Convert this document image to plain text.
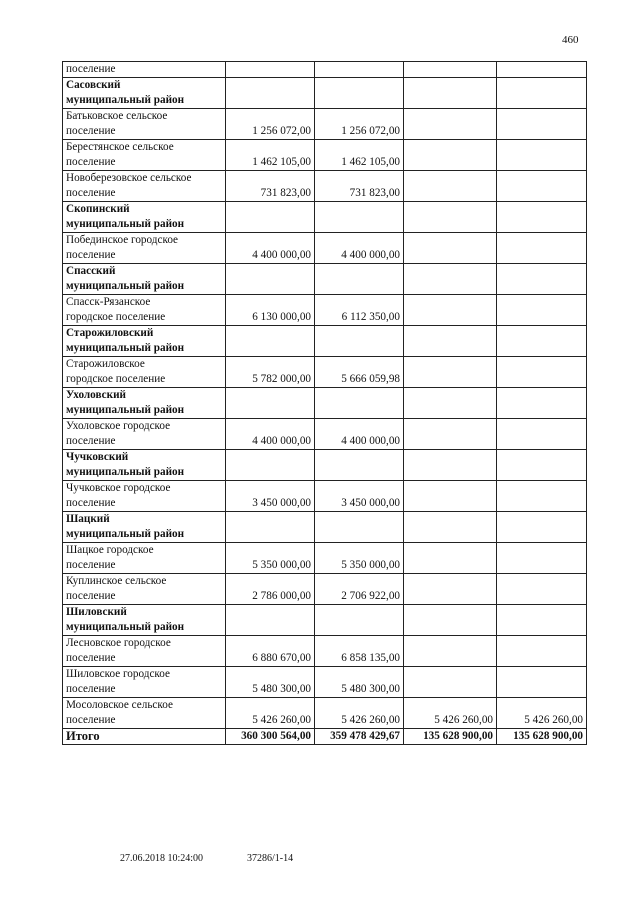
460
поселение				

Сасовский
муниципальный район				

Батьковское сельское
поселение	1 256 072,00	1 256 072,00		

Берестянское сельское
поселение	1 462 105,00	1 462 105,00		

Новоберезовское сельское
поселение	731 823,00	731 823,00		

Скопинский
муниципальный район				

Побединское городское
поселение	4 400 000,00	4 400 000,00		

Спасский
муниципальный район				

Спасск-Рязанское
городское поселение	6 130 000,00	6 112 350,00		

Старожиловский
муниципальный район				

Старожиловское
городское поселение	5 782 000,00	5 666 059,98		

Ухоловский
муниципальный район				

Ухоловское городское
поселение	4 400 000,00	4 400 000,00		

Чучковский
муниципальный район				

Чучковское городское
поселение	3 450 000,00	3 450 000,00		

Шацкий
муниципальный район				

Шацкое городское
поселение	5 350 000,00	5 350 000,00		

Куплинское сельское
поселение	2 786 000,00	2 706 922,00		

Шиловский
муниципальный район				

Лесновское городское
поселение	6 880 670,00	6 858 135,00		

Шиловское городское
поселение	5 480 300,00	5 480 300,00		

Мосоловское сельское
поселение	5 426 260,00	5 426 260,00	5 426 260,00	5 426 260,00
Итого	360 300 564,00	359 478 429,67	135 628 900,00	135 628 900,00
27.06.2018 10:24:00	37286/1-14
